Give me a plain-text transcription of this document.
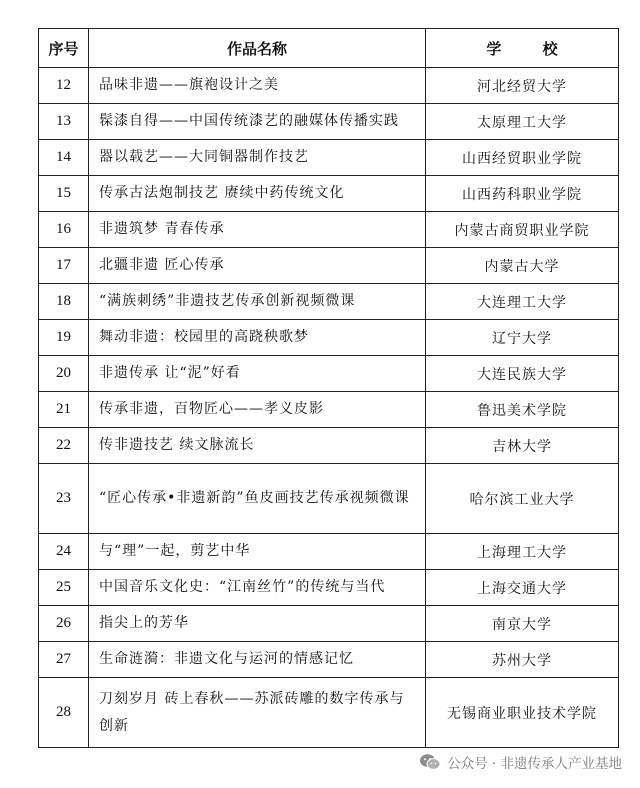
序号	作品名称	学 校
12	品味非遗——旗袍设计之美	河北经贸大学
13	髹漆自得——中国传统漆艺的融媒体传播实践	太原理工大学
14	器以载艺——大同铜器制作技艺	山西经贸职业学院
15	传承古法炮制技艺 赓续中药传统文化	山西药科职业学院
16	非遗筑梦 青春传承	内蒙古商贸职业学院
17	北疆非遗 匠心传承	内蒙古大学
18	“满族刺绣”非遗技艺传承创新视频微课	大连理工大学
19	舞动非遗：校园里的高跷秧歌梦	辽宁大学
20	非遗传承 让“泥”好看	大连民族大学
21	传承非遗，百物匠心——孝义皮影	鲁迅美术学院
22	传非遗技艺 续文脉流长	吉林大学
23	“匠心传承•非遗新韵”鱼皮画技艺传承视频微课	哈尔滨工业大学
24	与“理”一起，剪艺中华	上海理工大学
25	中国音乐文化史：“江南丝竹”的传统与当代	上海交通大学
26	指尖上的芳华	南京大学
27	生命涟漪：非遗文化与运河的情感记忆	苏州大学
28	刀刻岁月 砖上春秋——苏派砖雕的数字传承与创新	无锡商业职业技术学院
公众号 · 非遗传承人产业基地
